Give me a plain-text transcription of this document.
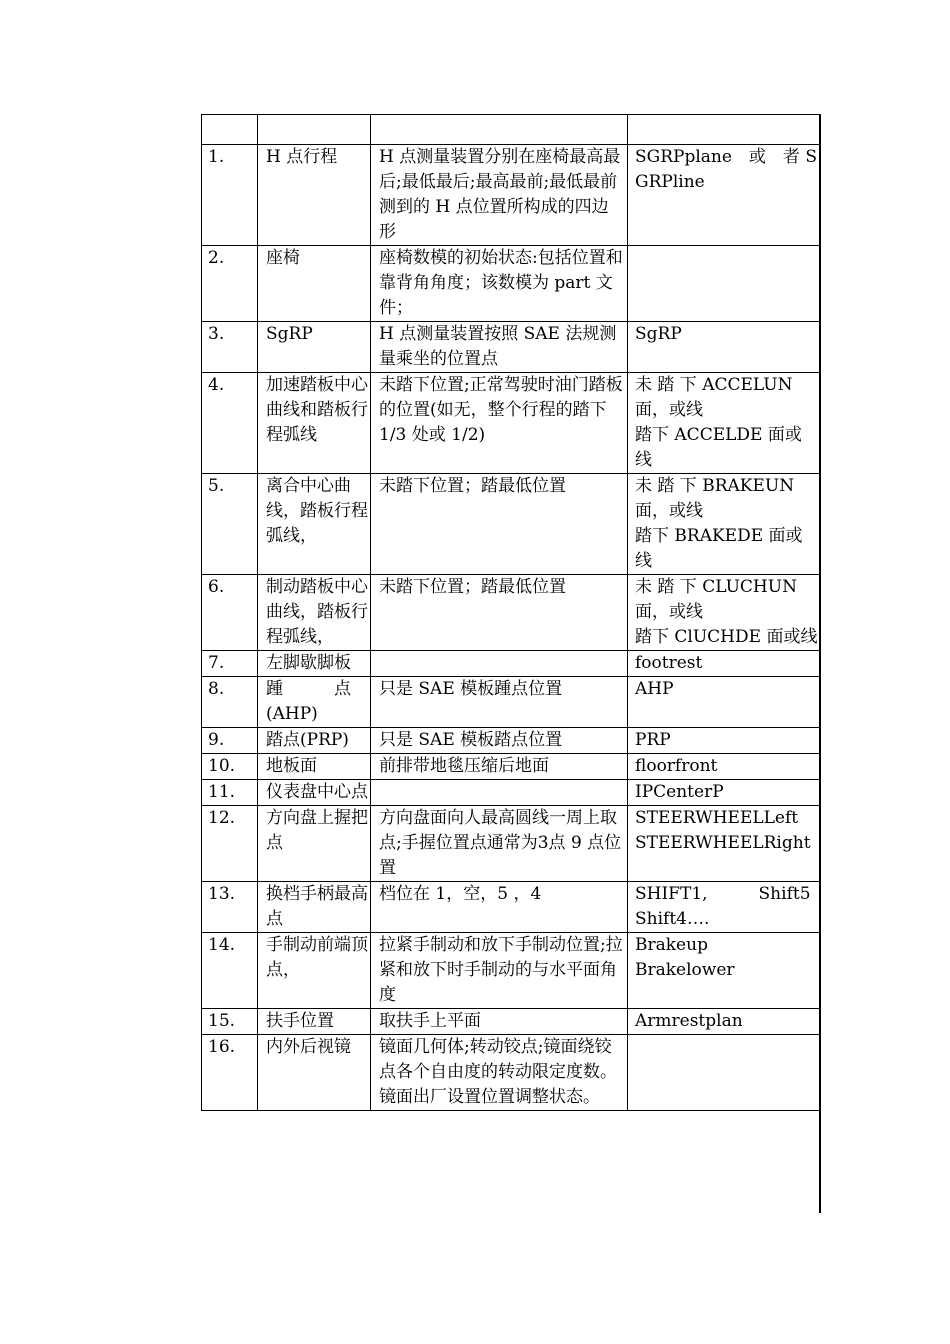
1.	H 点行程	H 点测量装置分别在座椅最高最后;最低最后;最高最前;最低最前测到的 H 点位置所构成的四边形	SGRPplane　或　者 SGRPline
2.	座椅	座椅数模的初始状态:包括位置和靠背角角度；该数模为 part 文件；	
3.	SgRP	H 点测量装置按照 SAE 法规测量乘坐的位置点	SgRP
4.	加速踏板中心曲线和踏板行程弧线	未踏下位置;正常驾驶时油门踏板的位置(如无，整个行程的踏下 1/3 处或 1/2)	未 踏 下 ACCELUN 面，或线
踏下 ACCELDE 面或线
5.	离合中心曲线，踏板行程弧线，	未踏下位置；踏最低位置	未 踏 下 BRAKEUN 面，或线
踏下 BRAKEDE 面或线
6.	制动踏板中心曲线，踏板行程弧线，	未踏下位置；踏最低位置	未 踏 下 CLUCHUN 面，或线
踏下 ClUCHDE 面或线
7.	左脚歇脚板		footrest
8.	踵　　　点 (AHP)	只是 SAE 模板踵点位置	AHP
9.	踏点(PRP)	只是 SAE 模板踏点位置	PRP
10.	地板面	前排带地毯压缩后地面	floorfront
11.	仪表盘中心点		IPCenterP
12.	方向盘上握把点	方向盘面向人最高圆线一周上取点;手握位置点通常为3点 9 点位置	STEERWHEELLeft
STEERWHEELRight
13.	换档手柄最高点	档位在 1，空，5 ，4	SHIFT1,　　　Shift5
Shift4….
14.	手制动前端顶点，	拉紧手制动和放下手制动位置;拉紧和放下时手制动的与水平面角度	Brakeup
Brakelower
15.	扶手位置	取扶手上平面	Armrestplan
16.	内外后视镜	镜面几何体;转动铰点;镜面绕铰点各个自由度的转动限定度数。镜面出厂设置位置调整状态。	
